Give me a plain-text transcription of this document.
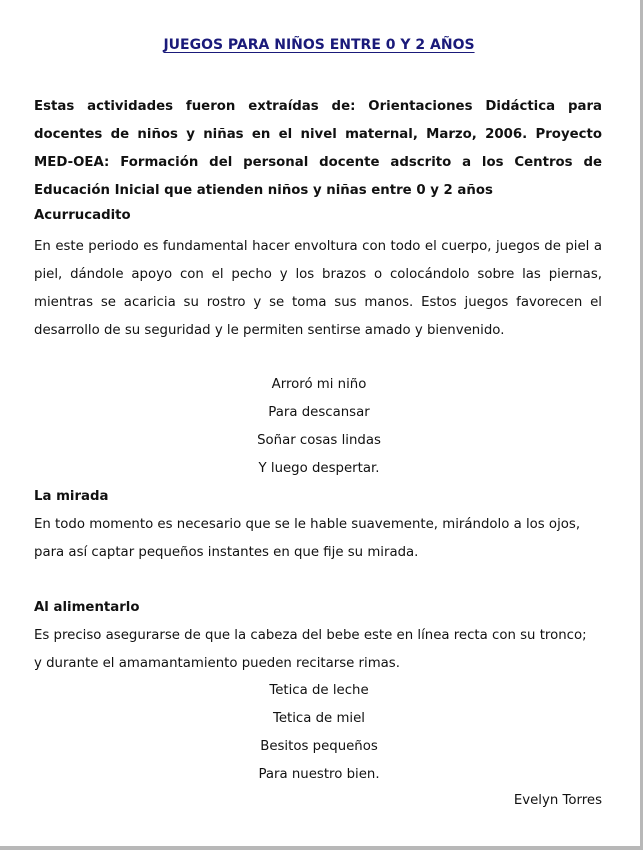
JUEGOS PARA NIÑOS ENTRE 0 Y 2 AÑOS

Estas actividades fueron extraídas de: Orientaciones Didáctica para docentes de niños y niñas en el nivel maternal, Marzo, 2006. Proyecto MED-OEA: Formación del personal docente adscrito a los Centros de Educación Inicial que atienden niños y niñas entre 0 y 2 años

Acurrucadito

En este periodo es fundamental hacer envoltura con todo el cuerpo, juegos de piel a piel, dándole apoyo con el pecho y los brazos o colocándolo sobre las piernas, mientras se acaricia su rostro y se toma sus manos. Estos juegos favorecen el desarrollo de su seguridad y le permiten sentirse amado y bienvenido.

Arroró mi niño
Para descansar
Soñar cosas lindas
Y luego despertar.
La mirada

En todo momento es necesario que se le hable suavemente, mirándolo a los ojos, para así captar pequeños instantes en que fije su mirada.

Al alimentarlo

Es preciso asegurarse de que la cabeza del bebe este en línea recta con su tronco; y durante el amamantamiento pueden recitarse rimas.

Tetica de leche
Tetica de miel
Besitos pequeños
Para nuestro bien.

Evelyn Torres
